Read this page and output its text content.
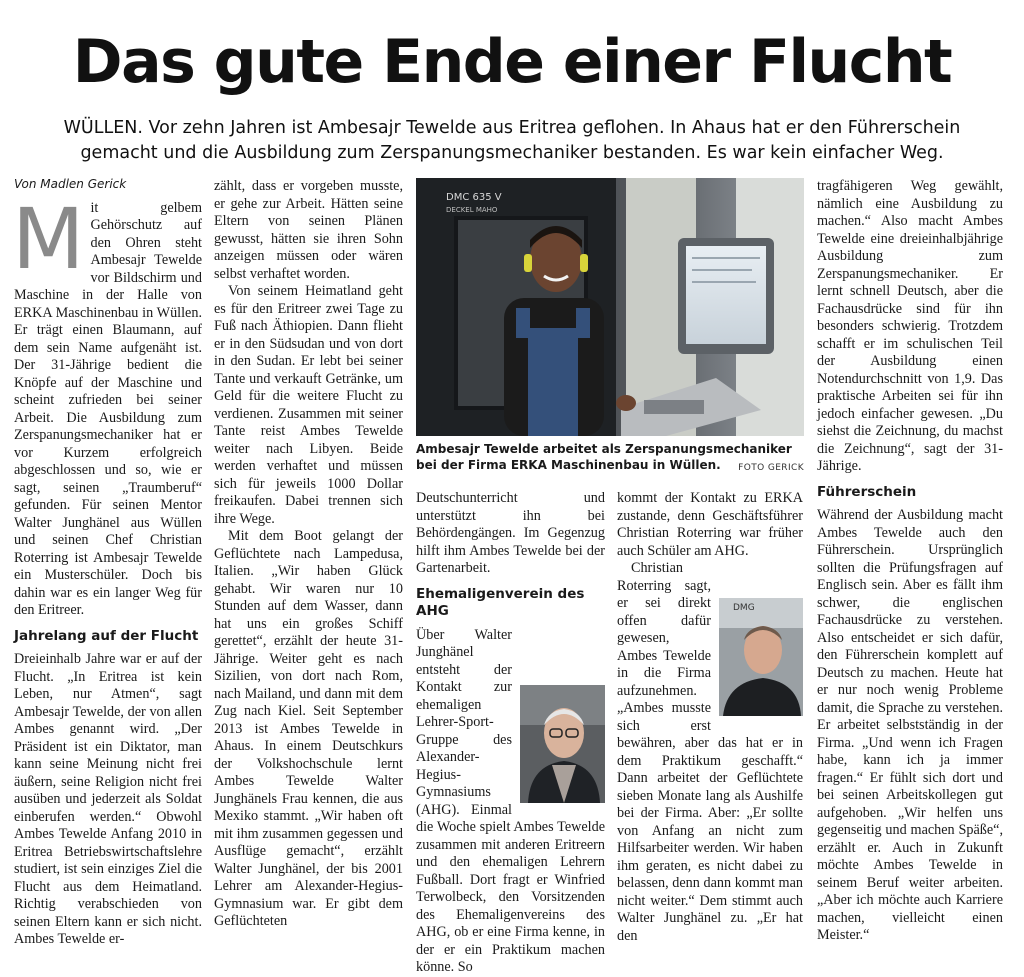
Das gute Ende einer Flucht
WÜLLEN. Vor zehn Jahren ist Ambesajr Tewelde aus Eritrea geflohen. In Ahaus hat er den Führerschein gemacht und die Ausbildung zum Zerspanungsmechaniker bestanden. Es war kein einfacher Weg.
Von Madlen Gerick
M it gelbem Gehörschutz auf den Ohren steht Ambesajr Tewelde vor Bildschirm und Maschine in der Halle von ERKA Maschinenbau in Wüllen. Er trägt einen Blaumann, auf dem sein Name aufgenäht ist. Der 31-Jährige bedient die Knöpfe auf der Maschine und scheint zufrieden bei seiner Arbeit. Die Ausbildung zum Zerspanungsmechaniker hat er vor Kurzem erfolgreich abgeschlossen und so, wie er sagt, seinen „Traumberuf“ gefunden. Für seinen Mentor Walter Junghänel aus Wüllen und seinen Chef Christian Roterring ist Ambesajr Tewelde ein Musterschüler. Doch bis dahin war es ein langer Weg für den Eritreer.

Jahrelang auf der Flucht

Dreieinhalb Jahre war er auf der Flucht. „In Eritrea ist kein Leben, nur Atmen“, sagt Ambesajr Tewelde, der von allen Ambes genannt wird. „Der Präsident ist ein Diktator, man kann seine Meinung nicht frei äußern, seine Religion nicht frei ausüben und jederzeit als Soldat einberufen werden.“ Obwohl Ambes Tewelde Anfang 2010 in Eritrea Betriebswirtschaftslehre studiert, ist sein einziges Ziel die Flucht aus dem Heimatland. Richtig verabschieden von seinen Eltern kann er sich nicht. Ambes Tewelde er-

zählt, dass er vorgeben musste, er gehe zur Arbeit. Hätten seine Eltern von seinen Plänen gewusst, hätten sie ihren Sohn anzeigen müssen oder wären selbst verhaftet worden.

Von seinem Heimatland geht es für den Eritreer zwei Tage zu Fuß nach Äthiopien. Dann flieht er in den Südsudan und von dort in den Sudan. Er lebt bei seiner Tante und verkauft Getränke, um Geld für die weitere Flucht zu verdienen. Zusammen mit seiner Tante reist Ambes Tewelde weiter nach Libyen. Beide werden verhaftet und müssen sich für jeweils 1000 Dollar freikaufen. Dabei trennen sich ihre Wege.

Mit dem Boot gelangt der Geflüchtete nach Lampedusa, Italien. „Wir haben Glück gehabt. Wir waren nur 10 Stunden auf dem Wasser, dann hat uns ein großes Schiff gerettet“, erzählt der heute 31-Jährige. Weiter geht es nach Sizilien, von dort nach Rom, nach Mailand, und dann mit dem Zug nach Kiel. Seit September 2013 ist Ambes Tewelde in Ahaus. In einem Deutschkurs der Volkshochschule lernt Ambes Tewelde Walter Junghänels Frau kennen, die aus Mexiko stammt. „Wir haben oft mit ihm zusammen gegessen und Ausflüge gemacht“, erzählt Walter Junghänel, der bis 2001 Lehrer am Alexander-Hegius-Gymnasium war. Er gibt dem Geflüchteten

DMC 635 V
DECKEL MAHO
Ambesajr Tewelde arbeitet als Zerspanungsmechaniker bei der Firma ERKA Maschinenbau in Wüllen. FOTO GERICK

Deutschunterricht und unterstützt ihn bei Behördengängen. Im Gegenzug hilft ihm Ambes Tewelde bei der Gartenarbeit.

Ehemaligenverein des AHG

Über Walter Junghänel entsteht der Kontakt zur ehemaligen Lehrer-Sport-Gruppe des Alexander-Hegius-Gymnasiums (AHG). Einmal die Woche spielt Ambes Tewelde zusammen mit anderen Eritreern und den ehemaligen Lehrern Fußball. Dort fragt er Winfried Terwolbeck, den Vorsitzenden des Ehemaligenvereins des AHG, ob er eine Firma kenne, in der er ein Praktikum machen könne. So

kommt der Kontakt zu ERKA zustande, denn Geschäftsführer Christian Roterring war früher auch Schüler am AHG.

DMG

Christian Roterring sagt, er sei direkt offen dafür gewesen, Ambes Tewelde in die Firma aufzunehmen. „Ambes musste sich erst bewähren, aber das hat er in dem Praktikum geschafft.“ Dann arbeitet der Geflüchtete sieben Monate lang als Aushilfe bei der Firma. Aber: „Er sollte von Anfang an nicht zum Hilfsarbeiter werden. Wir haben ihm geraten, es nicht dabei zu belassen, denn dann kommt man nicht weiter.“ Dem stimmt auch Walter Junghänel zu. „Er hat den

tragfähigeren Weg gewählt, nämlich eine Ausbildung zu machen.“ Also macht Ambes Tewelde eine dreieinhalbjährige Ausbildung zum Zerspanungsmechaniker. Er lernt schnell Deutsch, aber die Fachausdrücke sind für ihn besonders schwierig. Trotzdem schafft er im schulischen Teil der Ausbildung einen Notendurchschnitt von 1,9. Das praktische Arbeiten sei für ihn jedoch einfacher gewesen. „Du siehst die Zeichnung, du machst die Zeichnung“, sagt der 31-Jährige.

Führerschein

Während der Ausbildung macht Ambes Tewelde auch den Führerschein. Ursprünglich sollten die Prüfungsfragen auf Englisch sein. Aber es fällt ihm schwer, die englischen Fachausdrücke zu verstehen. Also entscheidet er sich dafür, den Führerschein komplett auf Deutsch zu machen. Heute hat er nur noch wenig Probleme damit, die Sprache zu verstehen. Er arbeitet selbstständig in der Firma. „Und wenn ich Fragen habe, kann ich ja immer fragen.“ Er fühlt sich dort und bei seinen Arbeitskollegen gut aufgehoben. „Wir helfen uns gegenseitig und machen Späße“, erzählt er. Auch in Zukunft möchte Ambes Tewelde in seinem Beruf weiter arbeiten. „Aber ich möchte auch Karriere machen, vielleicht einen Meister.“
